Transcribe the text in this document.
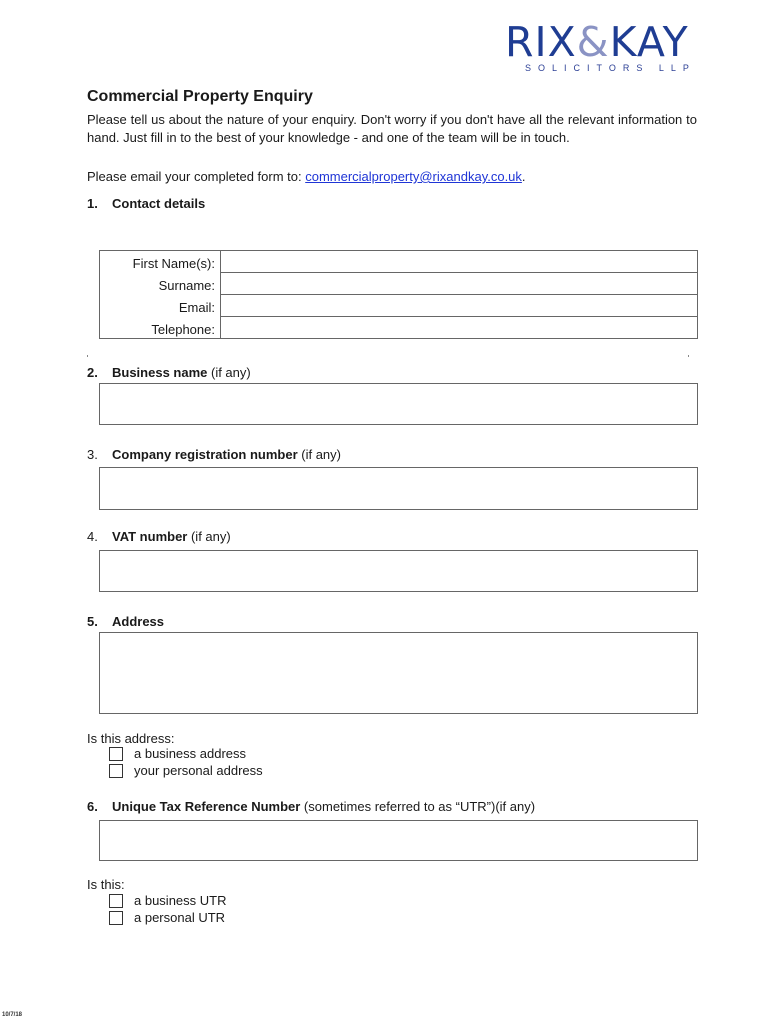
RIX&KAY
SOLICITORS LLP
Commercial Property Enquiry

Please tell us about the nature of your enquiry. Don't worry if you don't have all the relevant information to hand. Just fill in to the best of your knowledge - and one of the team will be in touch.

Please email your completed form to: commercialproperty@rixandkay.co.uk.
1. Contact details
First Name(s):
Surname:
Email:
Telephone:
2. Business name (if any)
3. Company registration number (if any)
4. VAT number (if any)
5. Address
Is this address:
a business address
your personal address
6. Unique Tax Reference Number (sometimes referred to as “UTR”)(if any)
Is this:
a business UTR
a personal UTR
10/7/18
